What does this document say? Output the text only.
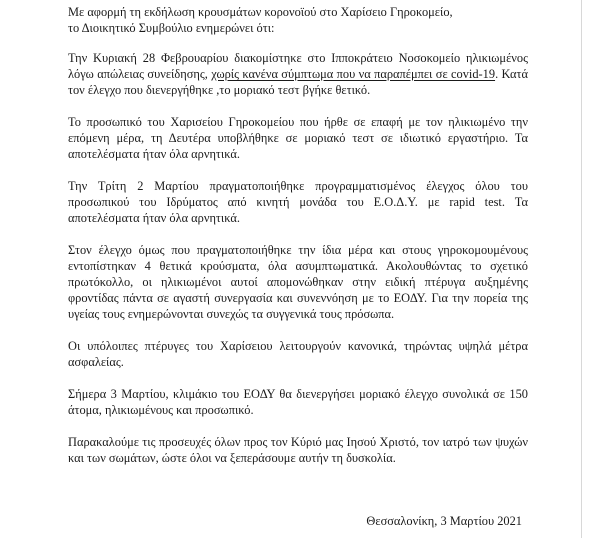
Με αφορμή τη εκδήλωση κρουσμάτων κορονοϊού στο Χαρίσειο Γηροκομείο,
το Διοικητικό Συμβούλιο ενημερώνει ότι:

Την Κυριακή 28 Φεβρουαρίου διακομίστηκε στο Ιπποκράτειο Νοσοκομείο ηλικιωμένος λόγω απώλειας συνείδησης, χωρίς κανένα σύμπτωμα που να παραπέμπει σε covid-19. Κατά τον έλεγχο που διενεργήθηκε ,το μοριακό τεστ βγήκε θετικό.

Το προσωπικό του Χαρισείου Γηροκομείου που ήρθε σε επαφή με τον ηλικιωμένο την επόμενη μέρα, τη Δευτέρα υποβλήθηκε σε μοριακό τεστ σε ιδιωτικό εργαστήριο. Τα αποτελέσματα ήταν όλα αρνητικά.

Την Τρίτη 2 Μαρτίου πραγματοποιήθηκε προγραμματισμένος έλεγχος όλου του προσωπικού του Ιδρύματος από κινητή μονάδα του Ε.Ο.Δ.Υ. με rapid test. Τα αποτελέσματα ήταν όλα αρνητικά.

Στον έλεγχο όμως που πραγματοποιήθηκε την ίδια μέρα και στους γηροκομουμένους εντοπίστηκαν 4 θετικά κρούσματα, όλα ασυμπτωματικά. Ακολουθώντας το σχετικό πρωτόκολλο, οι ηλικιωμένοι αυτοί απομονώθηκαν στην ειδική πτέρυγα αυξημένης φροντίδας πάντα σε αγαστή συνεργασία και συνεννόηση με το ΕΟΔΥ. Για την πορεία της υγείας τους ενημερώνονται συνεχώς τα συγγενικά τους πρόσωπα.

Οι υπόλοιπες πτέρυγες του Χαρίσειου λειτουργούν κανονικά, τηρώντας υψηλά μέτρα ασφαλείας.

Σήμερα 3 Μαρτίου, κλιμάκιο του ΕΟΔΥ θα διενεργήσει μοριακό έλεγχο συνολικά σε 150 άτομα, ηλικιωμένους και προσωπικό.

Παρακαλούμε τις προσευχές όλων προς τον Κύριό μας Ιησού Χριστό, τον ιατρό των ψυχών και των σωμάτων, ώστε όλοι να ξεπεράσουμε αυτήν τη δυσκολία.

Θεσσαλονίκη, 3 Μαρτίου 2021
